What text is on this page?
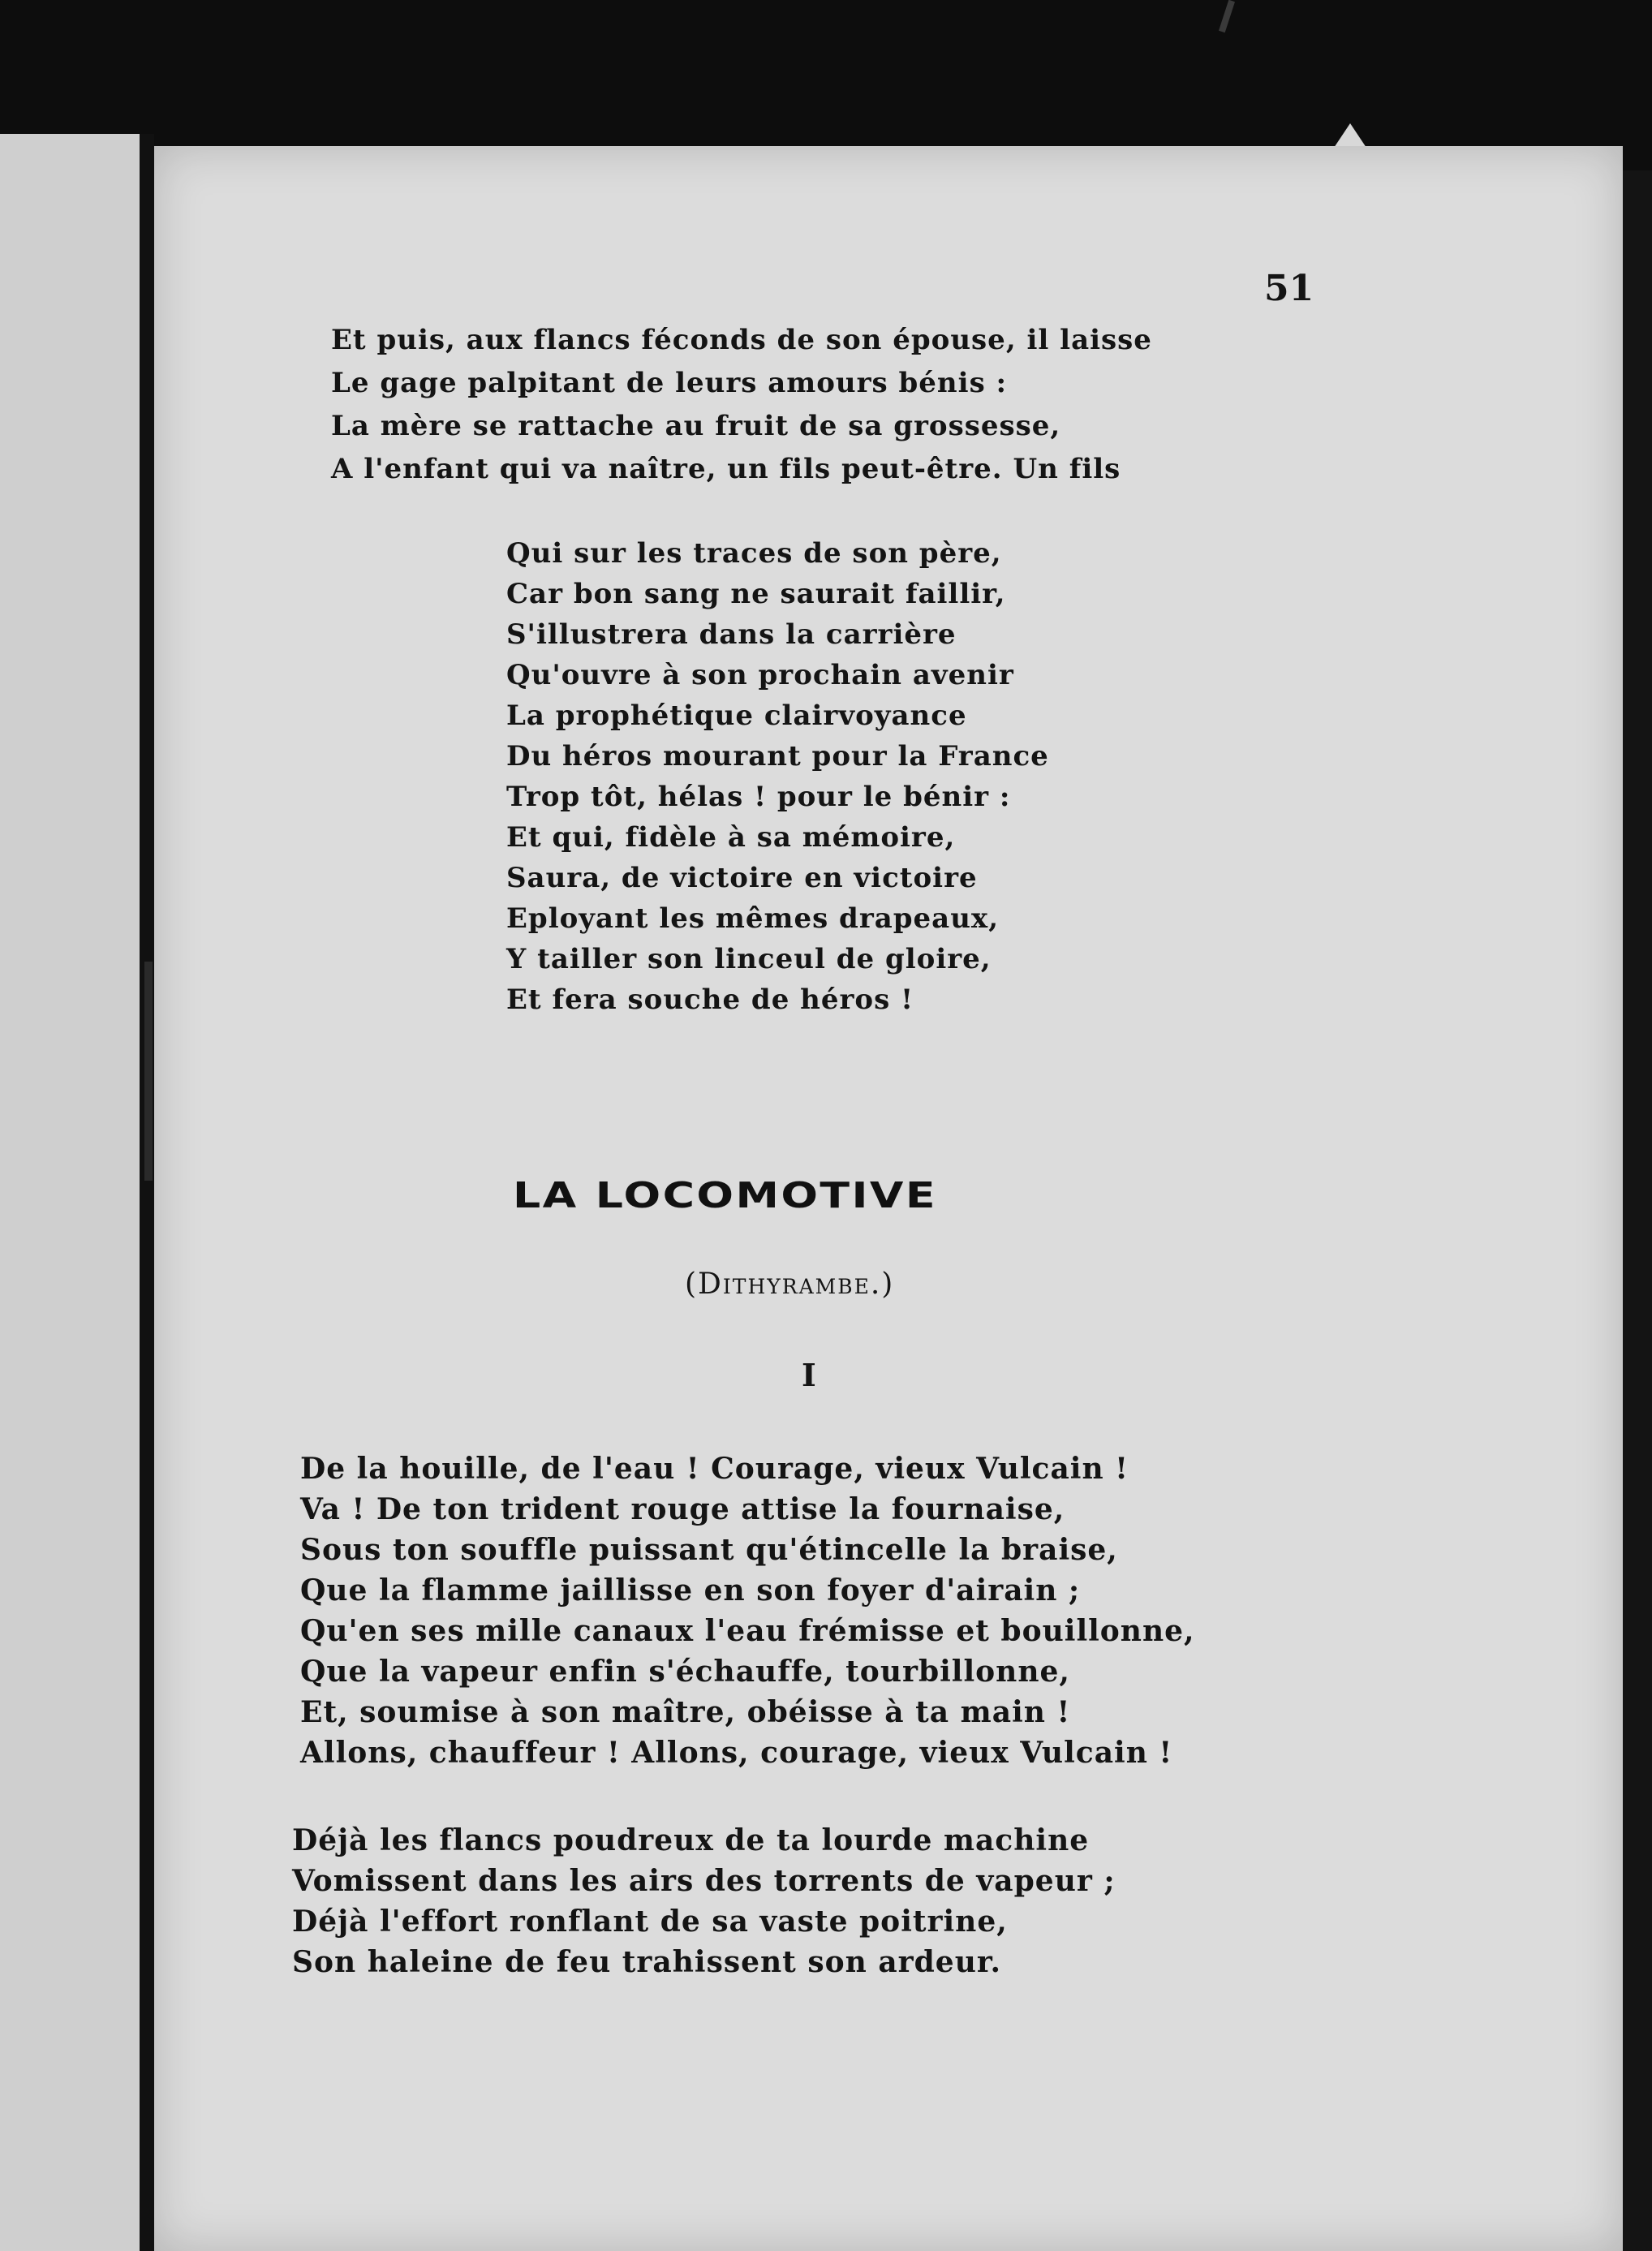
51
Et puis, aux flancs féconds de son épouse, il laisse
Le gage palpitant de leurs amours bénis :
La mère se rattache au fruit de sa grossesse,
A l'enfant qui va naître, un fils peut-être. Un fils
Qui sur les traces de son père,
Car bon sang ne saurait faillir,
S'illustrera dans la carrière
Qu'ouvre à son prochain avenir
La prophétique clairvoyance
Du héros mourant pour la France
Trop tôt, hélas ! pour le bénir :
Et qui, fidèle à sa mémoire,
Saura, de victoire en victoire
Eployant les mêmes drapeaux,
Y tailler son linceul de gloire,
Et fera souche de héros !
LA LOCOMOTIVE
(Dithyrambe.)
I
De la houille, de l'eau ! Courage, vieux Vulcain !
Va ! De ton trident rouge attise la fournaise,
Sous ton souffle puissant qu'étincelle la braise,
Que la flamme jaillisse en son foyer d'airain ;
Qu'en ses mille canaux l'eau frémisse et bouillonne,
Que la vapeur enfin s'échauffe, tourbillonne,
Et, soumise à son maître, obéisse à ta main !
Allons, chauffeur ! Allons, courage, vieux Vulcain !
Déjà les flancs poudreux de ta lourde machine
Vomissent dans les airs des torrents de vapeur ;
Déjà l'effort ronflant de sa vaste poitrine,
Son haleine de feu trahissent son ardeur.
